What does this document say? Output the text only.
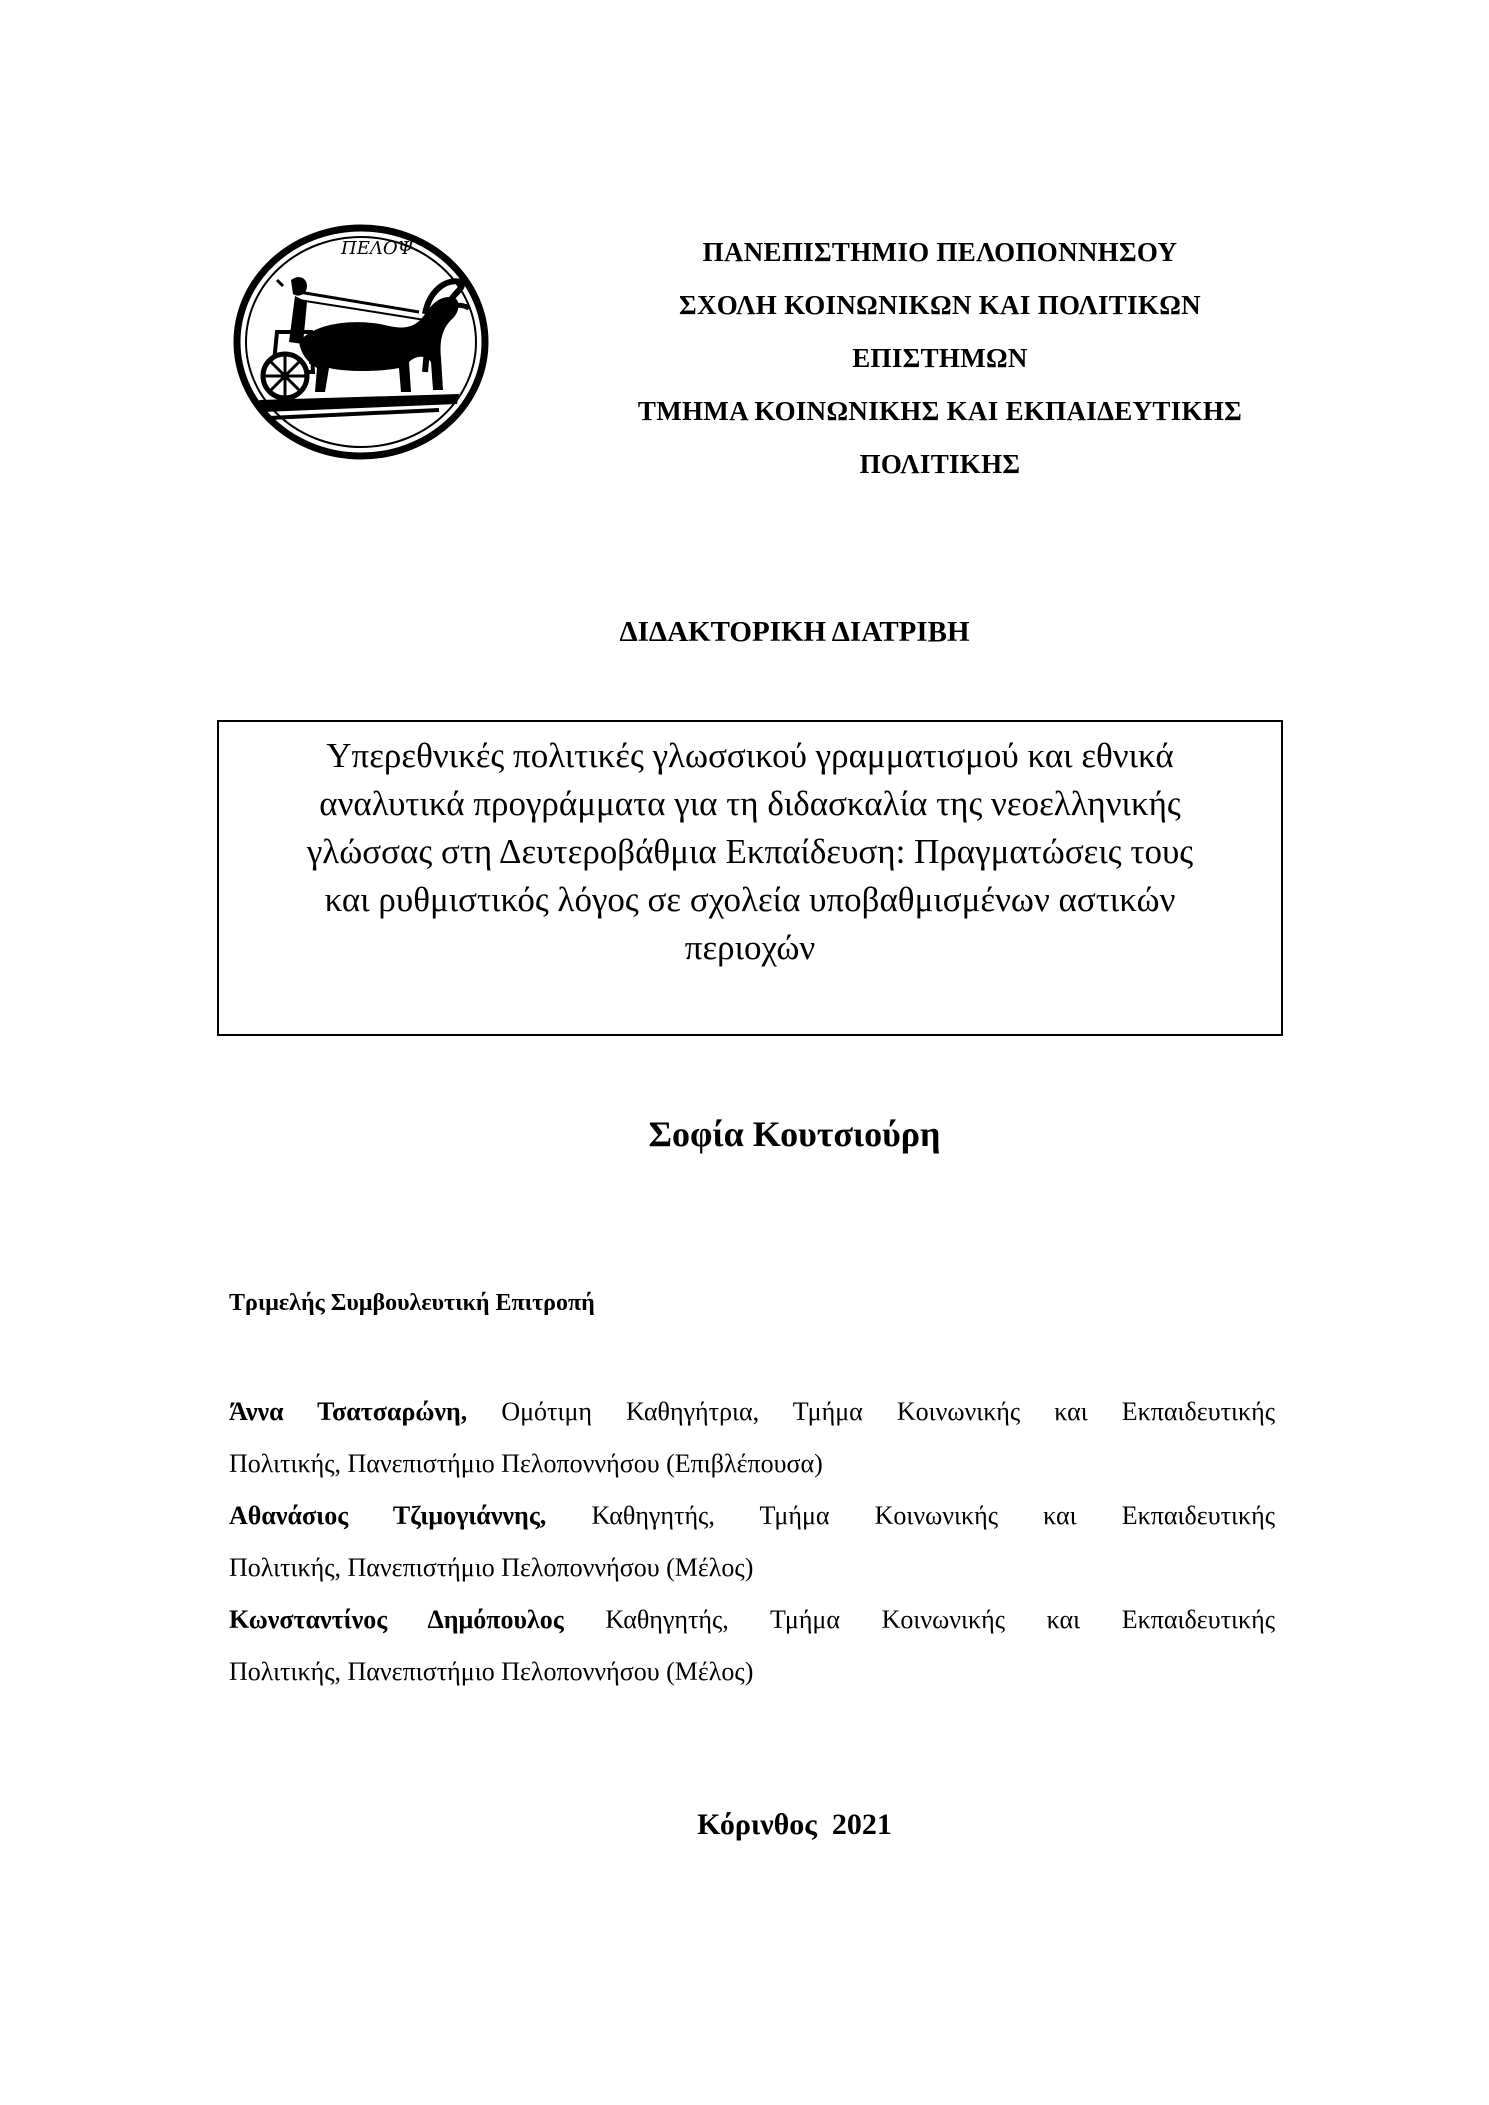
ΠΕΛΟΨ	ΠΑΝΕΠΙΣΤΗΜΙΟ ΠΕΛΟΠΟΝΝΗΣΟΥ
ΣΧΟΛΗ ΚΟΙΝΩΝΙΚΩΝ ΚΑΙ ΠΟΛΙΤΙΚΩΝ
ΕΠΙΣΤΗΜΩΝ
ΤΜΗΜΑ ΚΟΙΝΩΝΙΚΗΣ ΚΑΙ ΕΚΠΑΙΔΕΥΤΙΚΗΣ
ΠΟΛΙΤΙΚΗΣ
ΔΙΔΑΚΤΟΡΙΚΗ ΔΙΑΤΡΙΒΗ
Υπερεθνικές πολιτικές γλωσσικού γραμματισμού και εθνικά
αναλυτικά προγράμματα για τη διδασκαλία της νεοελληνικής
γλώσσας στη Δευτεροβάθμια Εκπαίδευση: Πραγματώσεις τους
και ρυθμιστικός λόγος σε σχολεία υποβαθμισμένων αστικών
περιοχών
Σοφία Κουτσιούρη
Τριμελής Συμβουλευτική Επιτροπή
Άννα Τσατσαρώνη, Ομότιμη Καθηγήτρια, Τμήμα Κοινωνικής και Εκπαιδευτικής
Πολιτικής, Πανεπιστήμιο Πελοποννήσου (Επιβλέπουσα)
Αθανάσιος Τζιμογιάννης, Καθηγητής, Τμήμα Κοινωνικής και Εκπαιδευτικής
Πολιτικής, Πανεπιστήμιο Πελοποννήσου (Μέλος)
Κωνσταντίνος Δημόπουλος Καθηγητής, Τμήμα Κοινωνικής και Εκπαιδευτικής
Πολιτικής, Πανεπιστήμιο Πελοποννήσου (Μέλος)
Κόρινθος  2021
